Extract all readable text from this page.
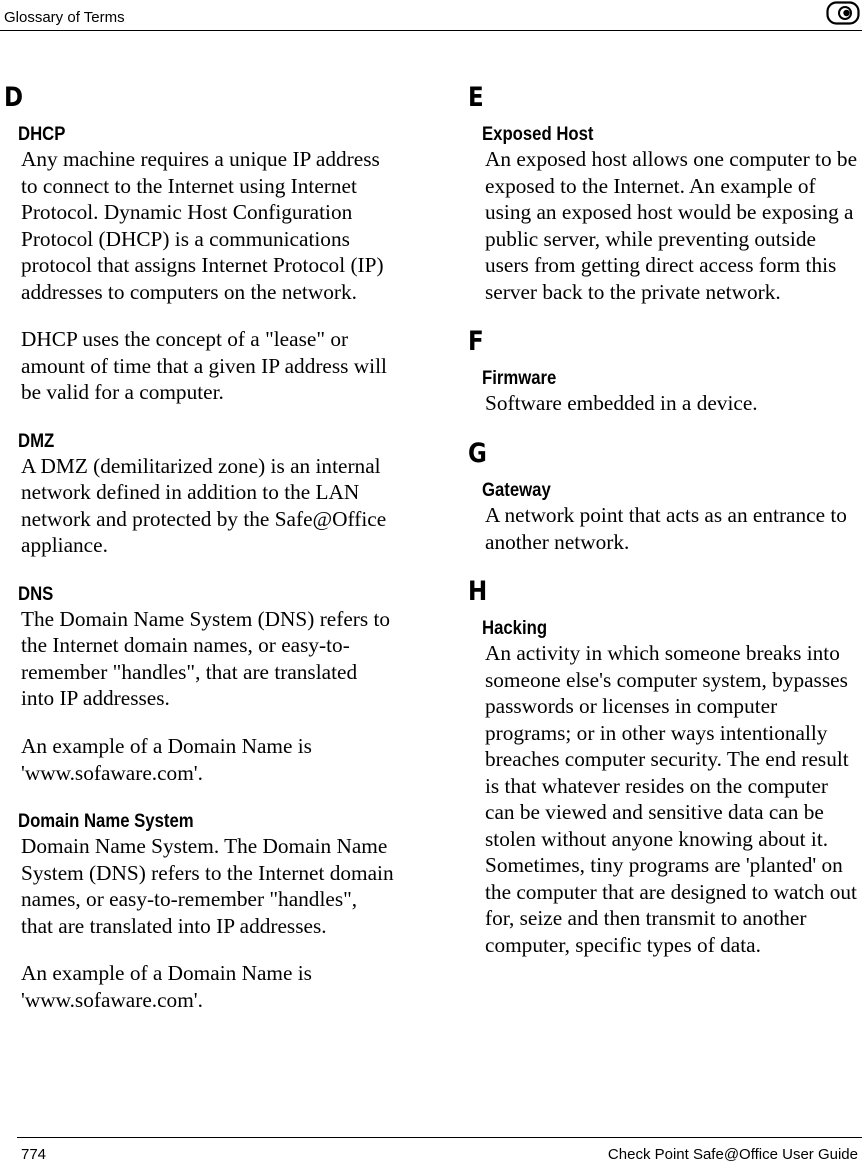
Glossary of Terms
D
DHCP

Any machine requires a unique IP address to connect to the Internet using Internet Protocol. Dynamic Host Configuration Protocol (DHCP) is a communications protocol that assigns Internet Protocol (IP) addresses to computers on the network.

DHCP uses the concept of a "lease" or amount of time that a given IP address will be valid for a computer.

DMZ

A DMZ (demilitarized zone) is an internal network defined in addition to the LAN network and protected by the Safe@Office appliance.

DNS

The Domain Name System (DNS) refers to the Internet domain names, or easy-to-remember "handles", that are translated into IP addresses.

An example of a Domain Name is 'www.sofaware.com'.

Domain Name System

Domain Name System. The Domain Name System (DNS) refers to the Internet domain names, or easy-to-remember "handles", that are translated into IP addresses.

An example of a Domain Name is 'www.sofaware.com'.

E
Exposed Host

An exposed host allows one computer to be exposed to the Internet. An example of using an exposed host would be exposing a public server, while preventing outside users from getting direct access form this server back to the private network.

F
Firmware

Software embedded in a device.

G
Gateway

A network point that acts as an entrance to another network.

H
Hacking

An activity in which someone breaks into someone else's computer system, bypasses passwords or licenses in computer programs; or in other ways intentionally breaches computer security. The end result is that whatever resides on the computer can be viewed and sensitive data can be stolen without anyone knowing about it. Sometimes, tiny programs are 'planted' on the computer that are designed to watch out for, seize and then transmit to another computer, specific types of data.

774	Check Point Safe@Office User Guide
